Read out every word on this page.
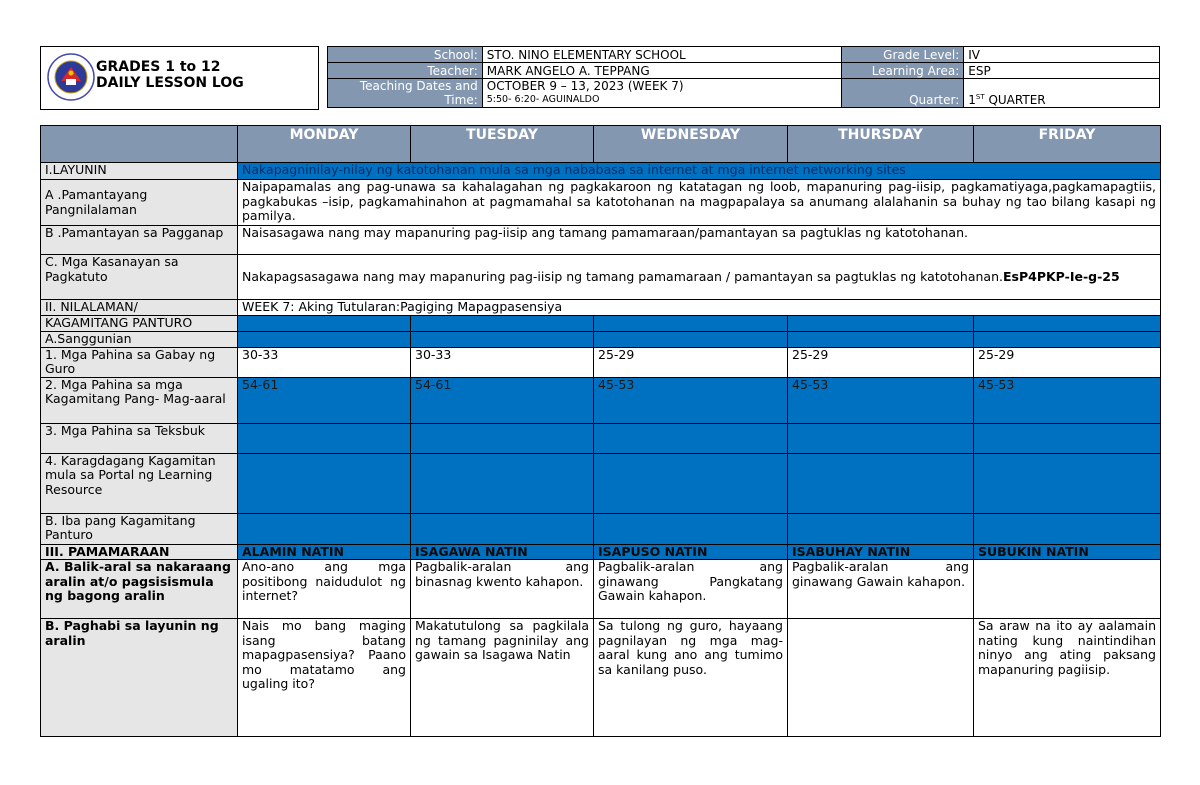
GRADES 1 to 12
DAILY LESSON LOG
School:	STO. NINO ELEMENTARY SCHOOL	Grade Level:	IV
Teacher:	MARK ANGELO A. TEPPANG	Learning Area:	ESP
Teaching Dates and Time:	OCTOBER 9 – 13, 2023 (WEEK 7)
5:50- 6:20- AGUINALDO	Quarter:	1ST QUARTER
	MONDAY	TUESDAY	WEDNESDAY	THURSDAY	FRIDAY
I.LAYUNIN	Nakapagninilay-nilay ng katotohanan mula sa mga nababasa sa internet at mga internet networking sites				
A .Pamantayang Pangnilalaman	Naipapamalas ang pag-unawa sa kahalagahan ng pagkakaroon ng katatagan ng loob, mapanuring pag-iisip, pagkamatiyaga,pagkamapagtiis, pagkabukas –isip, pagkamahinahon at pagmamahal sa katotohanan na magpapalaya sa anumang alalahanin sa buhay ng tao bilang kasapi ng pamilya.				
B .Pamantayan sa Pagganap	Naisasagawa nang may mapanuring pag-iisip ang tamang pamamaraan/pamantayan sa pagtuklas ng katotohanan.				
C. Mga Kasanayan sa Pagkatuto	Nakapagsasagawa nang may mapanuring pag-iisip ng tamang pamamaraan / pamantayan sa pagtuklas ng katotohanan.EsP4PKP-Ie-g-25				
II. NILALAMAN/	WEEK 7: Aking Tutularan:Pagiging Mapagpasensiya				
KAGAMITANG PANTURO					
A.Sanggunian					
1. Mga Pahina sa Gabay ng Guro	30-33	30-33	25-29	25-29	25-29
2. Mga Pahina sa mga Kagamitang Pang- Mag-aaral	54-61	54-61	45-53	45-53	45-53
3. Mga Pahina sa Teksbuk					
4. Karagdagang Kagamitan mula sa Portal ng Learning Resource					
B. Iba pang Kagamitang Panturo					
III. PAMAMARAAN	ALAMIN NATIN	ISAGAWA NATIN	ISAPUSO NATIN	ISABUHAY NATIN	SUBUKIN NATIN
A. Balik-aral sa nakaraang aralin at/o pagsisismula ng bagong aralin	Ano-ano ang mga positibong naidudulot ng internet?	Pagbalik-aralan ang binasnag kwento kahapon.	Pagbalik-aralan ang ginawang Pangkatang Gawain kahapon.	Pagbalik-aralan ang ginawang Gawain kahapon.	
B. Paghabi sa layunin ng aralin	Nais mo bang maging isang batang mapagpasensiya? Paano mo matatamo ang ugaling ito?	Makatutulong sa pagkilala ng tamang pagninilay ang gawain sa Isagawa Natin	Sa tulong ng guro, hayaang pagnilayan ng mga mag-aaral kung ano ang tumimo sa kanilang puso.		Sa araw na ito ay aalamain nating kung naintindihan ninyo ang ating paksang mapanuring pagiisip.
